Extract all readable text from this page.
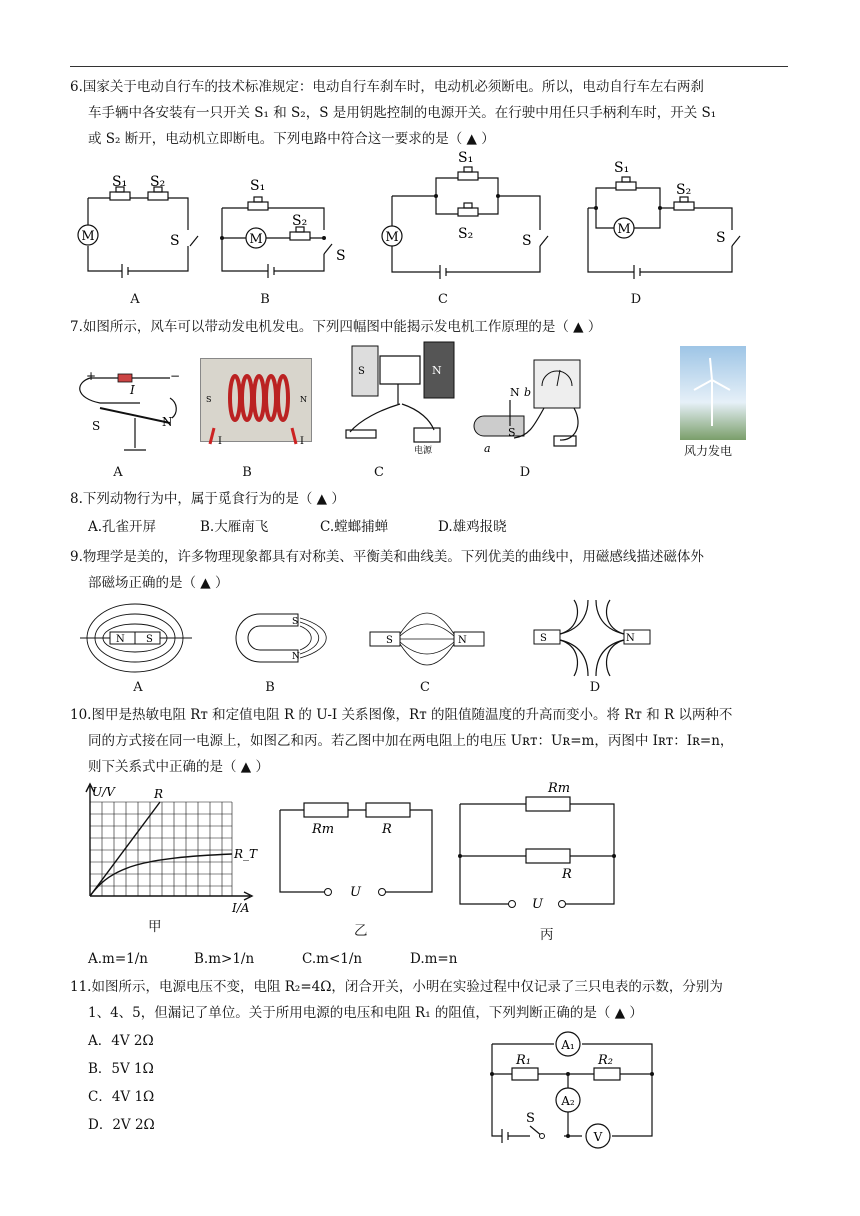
6.国家关于电动自行车的技术标准规定：电动自行车刹车时，电动机必须断电。所以，电动自行车左右两刹
车手辆中各安装有一只开关 S₁ 和 S₂，S 是用钥匙控制的电源开关。在行驶中用任只手柄利车时，开关 S₁
或 S₂ 断开，电动机立即断电。下列电路中符合这一要求的是（ ▲ ）
M
S₁ S₂
S
A
M
S₁
S₂
S
B
M
S₁
S₂	S
C
M
S₁
S₂
S
D
7.如图所示，风车可以带动发电机发电。下列四幅图中能揭示发电机工作原理的是（ ▲ ）
+	−
I
S	N
A
I	I
S	N
B
S	N
电源
C
N b
a
S
D
风力发电
8.下列动物行为中，属于觅食行为的是（ ▲ ）
A.孔雀开屏	B.大雁南飞	C.螳螂捕蝉	D.雄鸡报晓
9.物理学是美的，许多物理现象都具有对称美、平衡美和曲线美。下列优美的曲线中，用磁感线描述磁体外
部磁场正确的是（ ▲ ）
N S
A
S
N
B
S	N
C
S	N
D
10.图甲是热敏电阻 Rт 和定值电阻 R 的 U-I 关系图像，Rт 的阻值随温度的升高而变小。将 Rт 和 R 以两种不
同的方式接在同一电源上，如图乙和丙。若乙图中加在两电阻上的电压 Uʀт：Uʀ=m，丙图中 Iʀт：Iʀ=n，
则下关系式中正确的是（ ▲ ）
U/V
I/A
R
R_T
甲
Rт	R
U
乙
Rт
R
U
丙
A.m=1/n	B.m>1/n	C.m<1/n	D.m=n
11.如图所示，电源电压不变，电阻 R₂=4Ω，闭合开关，小明在实验过程中仅记录了三只电表的示数，分别为
1、4、5，但漏记了单位。关于所用电源的电压和电阻 R₁ 的阻值，下列判断正确的是（ ▲ ）
A．4V 2Ω
B．5V 1Ω
C．4V 1Ω
D．2V 2Ω
A₁
A₂
V
R₁	R₂
S
